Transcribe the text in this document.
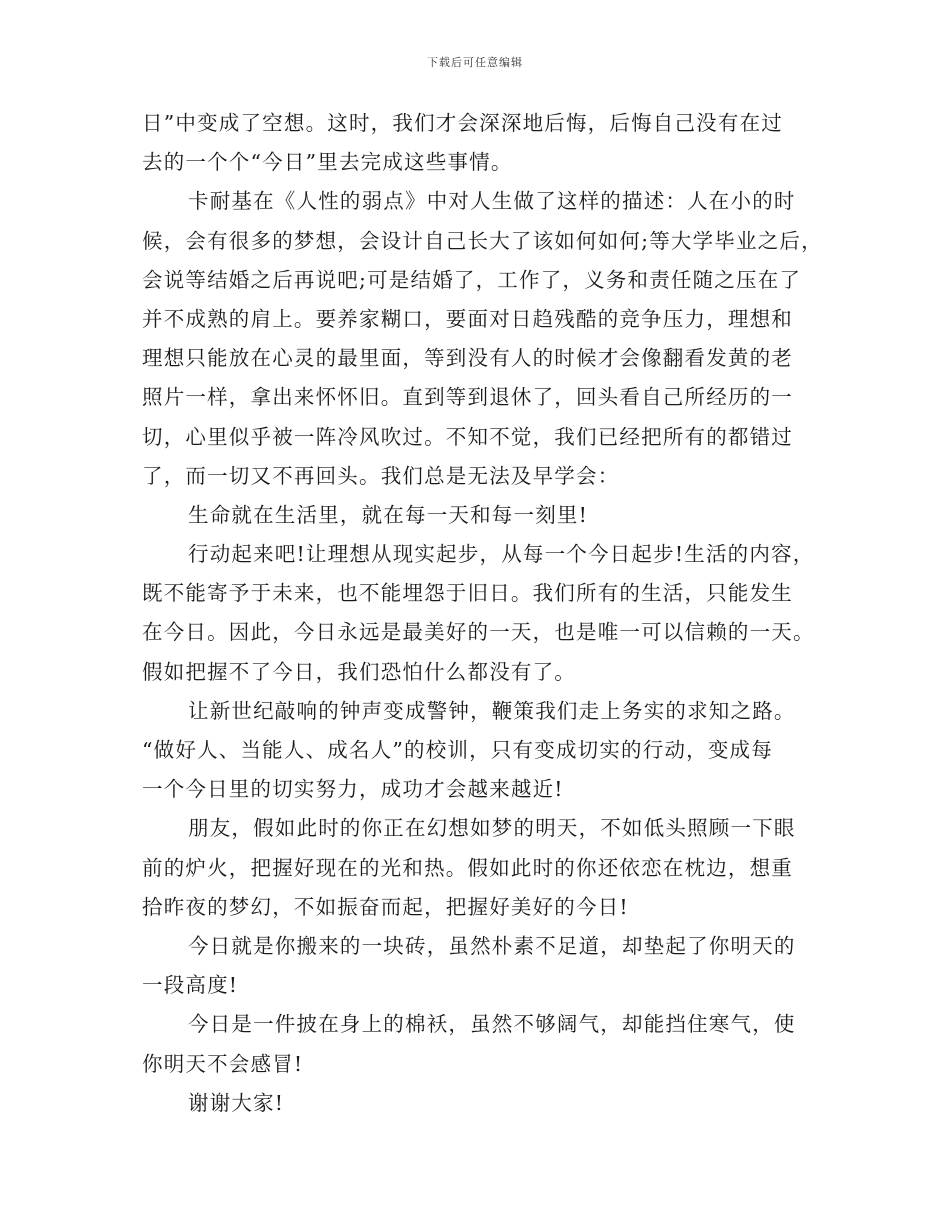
下载后可任意编辑
日”中变成了空想。这时，我们才会深深地后悔，后悔自己没有在过
去的一个个“今日”里去完成这些事情。
卡耐基在《人性的弱点》中对人生做了这样的描述：人在小的时
候，会有很多的梦想，会设计自己长大了该如何如何;等大学毕业之后，
会说等结婚之后再说吧;可是结婚了，工作了，义务和责任随之压在了
并不成熟的肩上。要养家糊口，要面对日趋残酷的竞争压力，理想和
理想只能放在心灵的最里面，等到没有人的时候才会像翻看发黄的老
照片一样，拿出来怀怀旧。直到等到退休了，回头看自己所经历的一
切，心里似乎被一阵冷风吹过。不知不觉，我们已经把所有的都错过
了，而一切又不再回头。我们总是无法及早学会：
生命就在生活里，就在每一天和每一刻里!
行动起来吧!让理想从现实起步，从每一个今日起步!生活的内容，
既不能寄予于未来，也不能埋怨于旧日。我们所有的生活，只能发生
在今日。因此，今日永远是最美好的一天，也是唯一可以信赖的一天。
假如把握不了今日，我们恐怕什么都没有了。
让新世纪敲响的钟声变成警钟，鞭策我们走上务实的求知之路。
“做好人、当能人、成名人”的校训，只有变成切实的行动，变成每
一个今日里的切实努力，成功才会越来越近!
朋友，假如此时的你正在幻想如梦的明天，不如低头照顾一下眼
前的炉火，把握好现在的光和热。假如此时的你还依恋在枕边，想重
拾昨夜的梦幻，不如振奋而起，把握好美好的今日!
今日就是你搬来的一块砖，虽然朴素不足道，却垫起了你明天的
一段高度!
今日是一件披在身上的棉袄，虽然不够阔气，却能挡住寒气，使
你明天不会感冒!
谢谢大家!
